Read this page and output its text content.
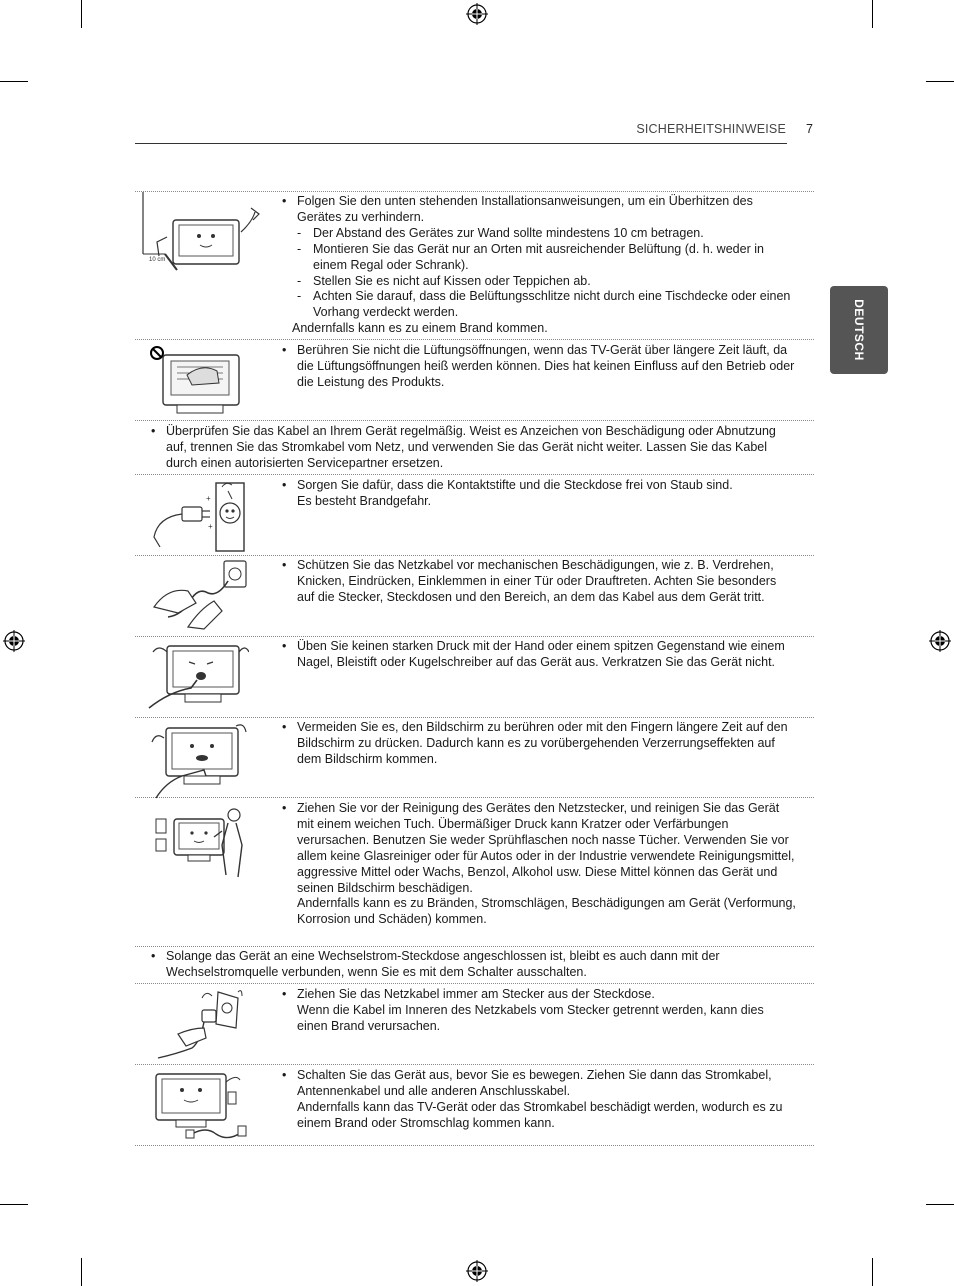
SICHERHEITSHINWEISE 7
DEUTSCH
10 cm
• Folgen Sie den unten stehenden Installationsanweisungen, um ein Überhitzen des Gerätes zu verhindern.
- Der Abstand des Gerätes zur Wand sollte mindestens 10 cm betragen.
- Montieren Sie das Gerät nur an Orten mit ausreichender Belüftung (d. h. weder in einem Regal oder Schrank).
- Stellen Sie es nicht auf Kissen oder Teppichen ab.
- Achten Sie darauf, dass die Belüftungsschlitze nicht durch eine Tischdecke oder einen Vorhang verdeckt werden.
Andernfalls kann es zu einem Brand kommen.
• Berühren Sie nicht die Lüftungsöffnungen, wenn das TV-Gerät über längere Zeit läuft, da die Lüftungsöffnungen heiß werden können. Dies hat keinen Einfluss auf den Betrieb oder die Leistung des Produkts.
• Überprüfen Sie das Kabel an Ihrem Gerät regelmäßig. Weist es Anzeichen von Beschädigung oder Abnutzung auf, trennen Sie das Stromkabel vom Netz, und verwenden Sie das Gerät nicht weiter. Lassen Sie das Kabel durch einen autorisierten Servicepartner ersetzen.
+
+
• Sorgen Sie dafür, dass die Kontaktstifte und die Steckdose frei von Staub sind.
Es besteht Brandgefahr.
• Schützen Sie das Netzkabel vor mechanischen Beschädigungen, wie z. B. Verdrehen, Knicken, Eindrücken, Einklemmen in einer Tür oder Drauftreten. Achten Sie besonders auf die Stecker, Steckdosen und den Bereich, an dem das Kabel aus dem Gerät tritt.
• Üben Sie keinen starken Druck mit der Hand oder einem spitzen Gegenstand wie einem Nagel, Bleistift oder Kugelschreiber auf das Gerät aus. Verkratzen Sie das Gerät nicht.
• Vermeiden Sie es, den Bildschirm zu berühren oder mit den Fingern längere Zeit auf den Bildschirm zu drücken. Dadurch kann es zu vorübergehenden Verzerrungseffekten auf dem Bildschirm kommen.
• Ziehen Sie vor der Reinigung des Gerätes den Netzstecker, und reinigen Sie das Gerät mit einem weichen Tuch. Übermäßiger Druck kann Kratzer oder Verfärbungen verursachen. Benutzen Sie weder Sprühflaschen noch nasse Tücher. Verwenden Sie vor allem keine Glasreiniger oder für Autos oder in der Industrie verwendete Reinigungsmittel, aggressive Mittel oder Wachs, Benzol, Alkohol usw. Diese Mittel können das Gerät und seinen Bildschirm beschädigen.
Andernfalls kann es zu Bränden, Stromschlägen, Beschädigungen am Gerät (Verformung, Korrosion und Schäden) kommen.
• Solange das Gerät an eine Wechselstrom-Steckdose angeschlossen ist, bleibt es auch dann mit der Wechselstromquelle verbunden, wenn Sie es mit dem Schalter ausschalten.
• Ziehen Sie das Netzkabel immer am Stecker aus der Steckdose.
Wenn die Kabel im Inneren des Netzkabels vom Stecker getrennt werden, kann dies einen Brand verursachen.
• Schalten Sie das Gerät aus, bevor Sie es bewegen. Ziehen Sie dann das Stromkabel, Antennenkabel und alle anderen Anschlusskabel.
Andernfalls kann das TV-Gerät oder das Stromkabel beschädigt werden, wodurch es zu einem Brand oder Stromschlag kommen kann.
